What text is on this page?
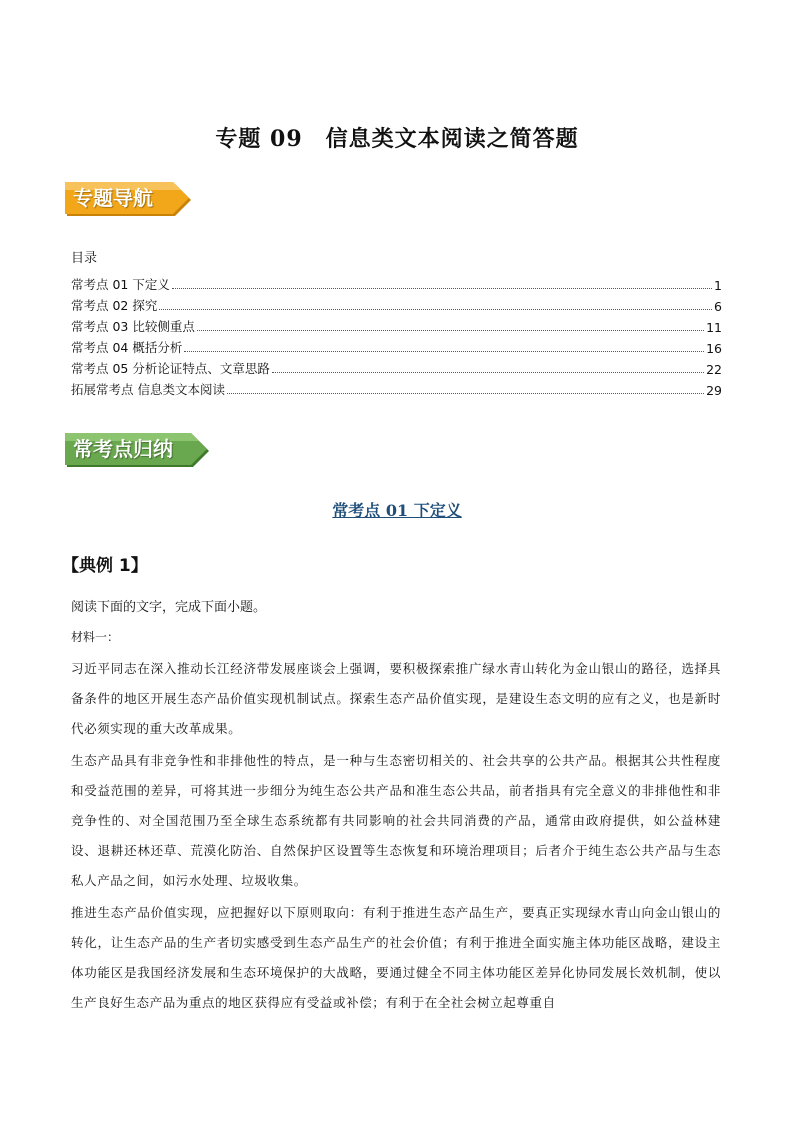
专题 09　信息类文本阅读之简答题
专题导航
目录
常考点 01 下定义	1
常考点 02 探究	6
常考点 03 比较侧重点	11
常考点 04 概括分析	16
常考点 05 分析论证特点、文章思路	22
拓展常考点 信息类文本阅读	29
常考点归纳
常考点 01 下定义
【典例 1】
阅读下面的文字，完成下面小题。
材料一：

习近平同志在深入推动长江经济带发展座谈会上强调，要积极探索推广绿水青山转化为金山银山的路径，选择具备条件的地区开展生态产品价值实现机制试点。探索生态产品价值实现，是建设生态文明的应有之义，也是新时代必须实现的重大改革成果。

生态产品具有非竞争性和非排他性的特点，是一种与生态密切相关的、社会共享的公共产品。根据其公共性程度和受益范围的差异，可将其进一步细分为纯生态公共产品和准生态公共品，前者指具有完全意义的非排他性和非竞争性的、对全国范围乃至全球生态系统都有共同影响的社会共同消费的产品，通常由政府提供，如公益林建设、退耕还林还草、荒漠化防治、自然保护区设置等生态恢复和环境治理项目；后者介于纯生态公共产品与生态私人产品之间，如污水处理、垃圾收集。

推进生态产品价值实现，应把握好以下原则取向：有利于推进生态产品生产，要真正实现绿水青山向金山银山的转化，让生态产品的生产者切实感受到生态产品生产的社会价值；有利于推进全面实施主体功能区战略，建设主体功能区是我国经济发展和生态环境保护的大战略，要通过健全不同主体功能区差异化协同发展长效机制，使以生产良好生态产品为重点的地区获得应有受益或补偿；有利于在全社会树立起尊重自
